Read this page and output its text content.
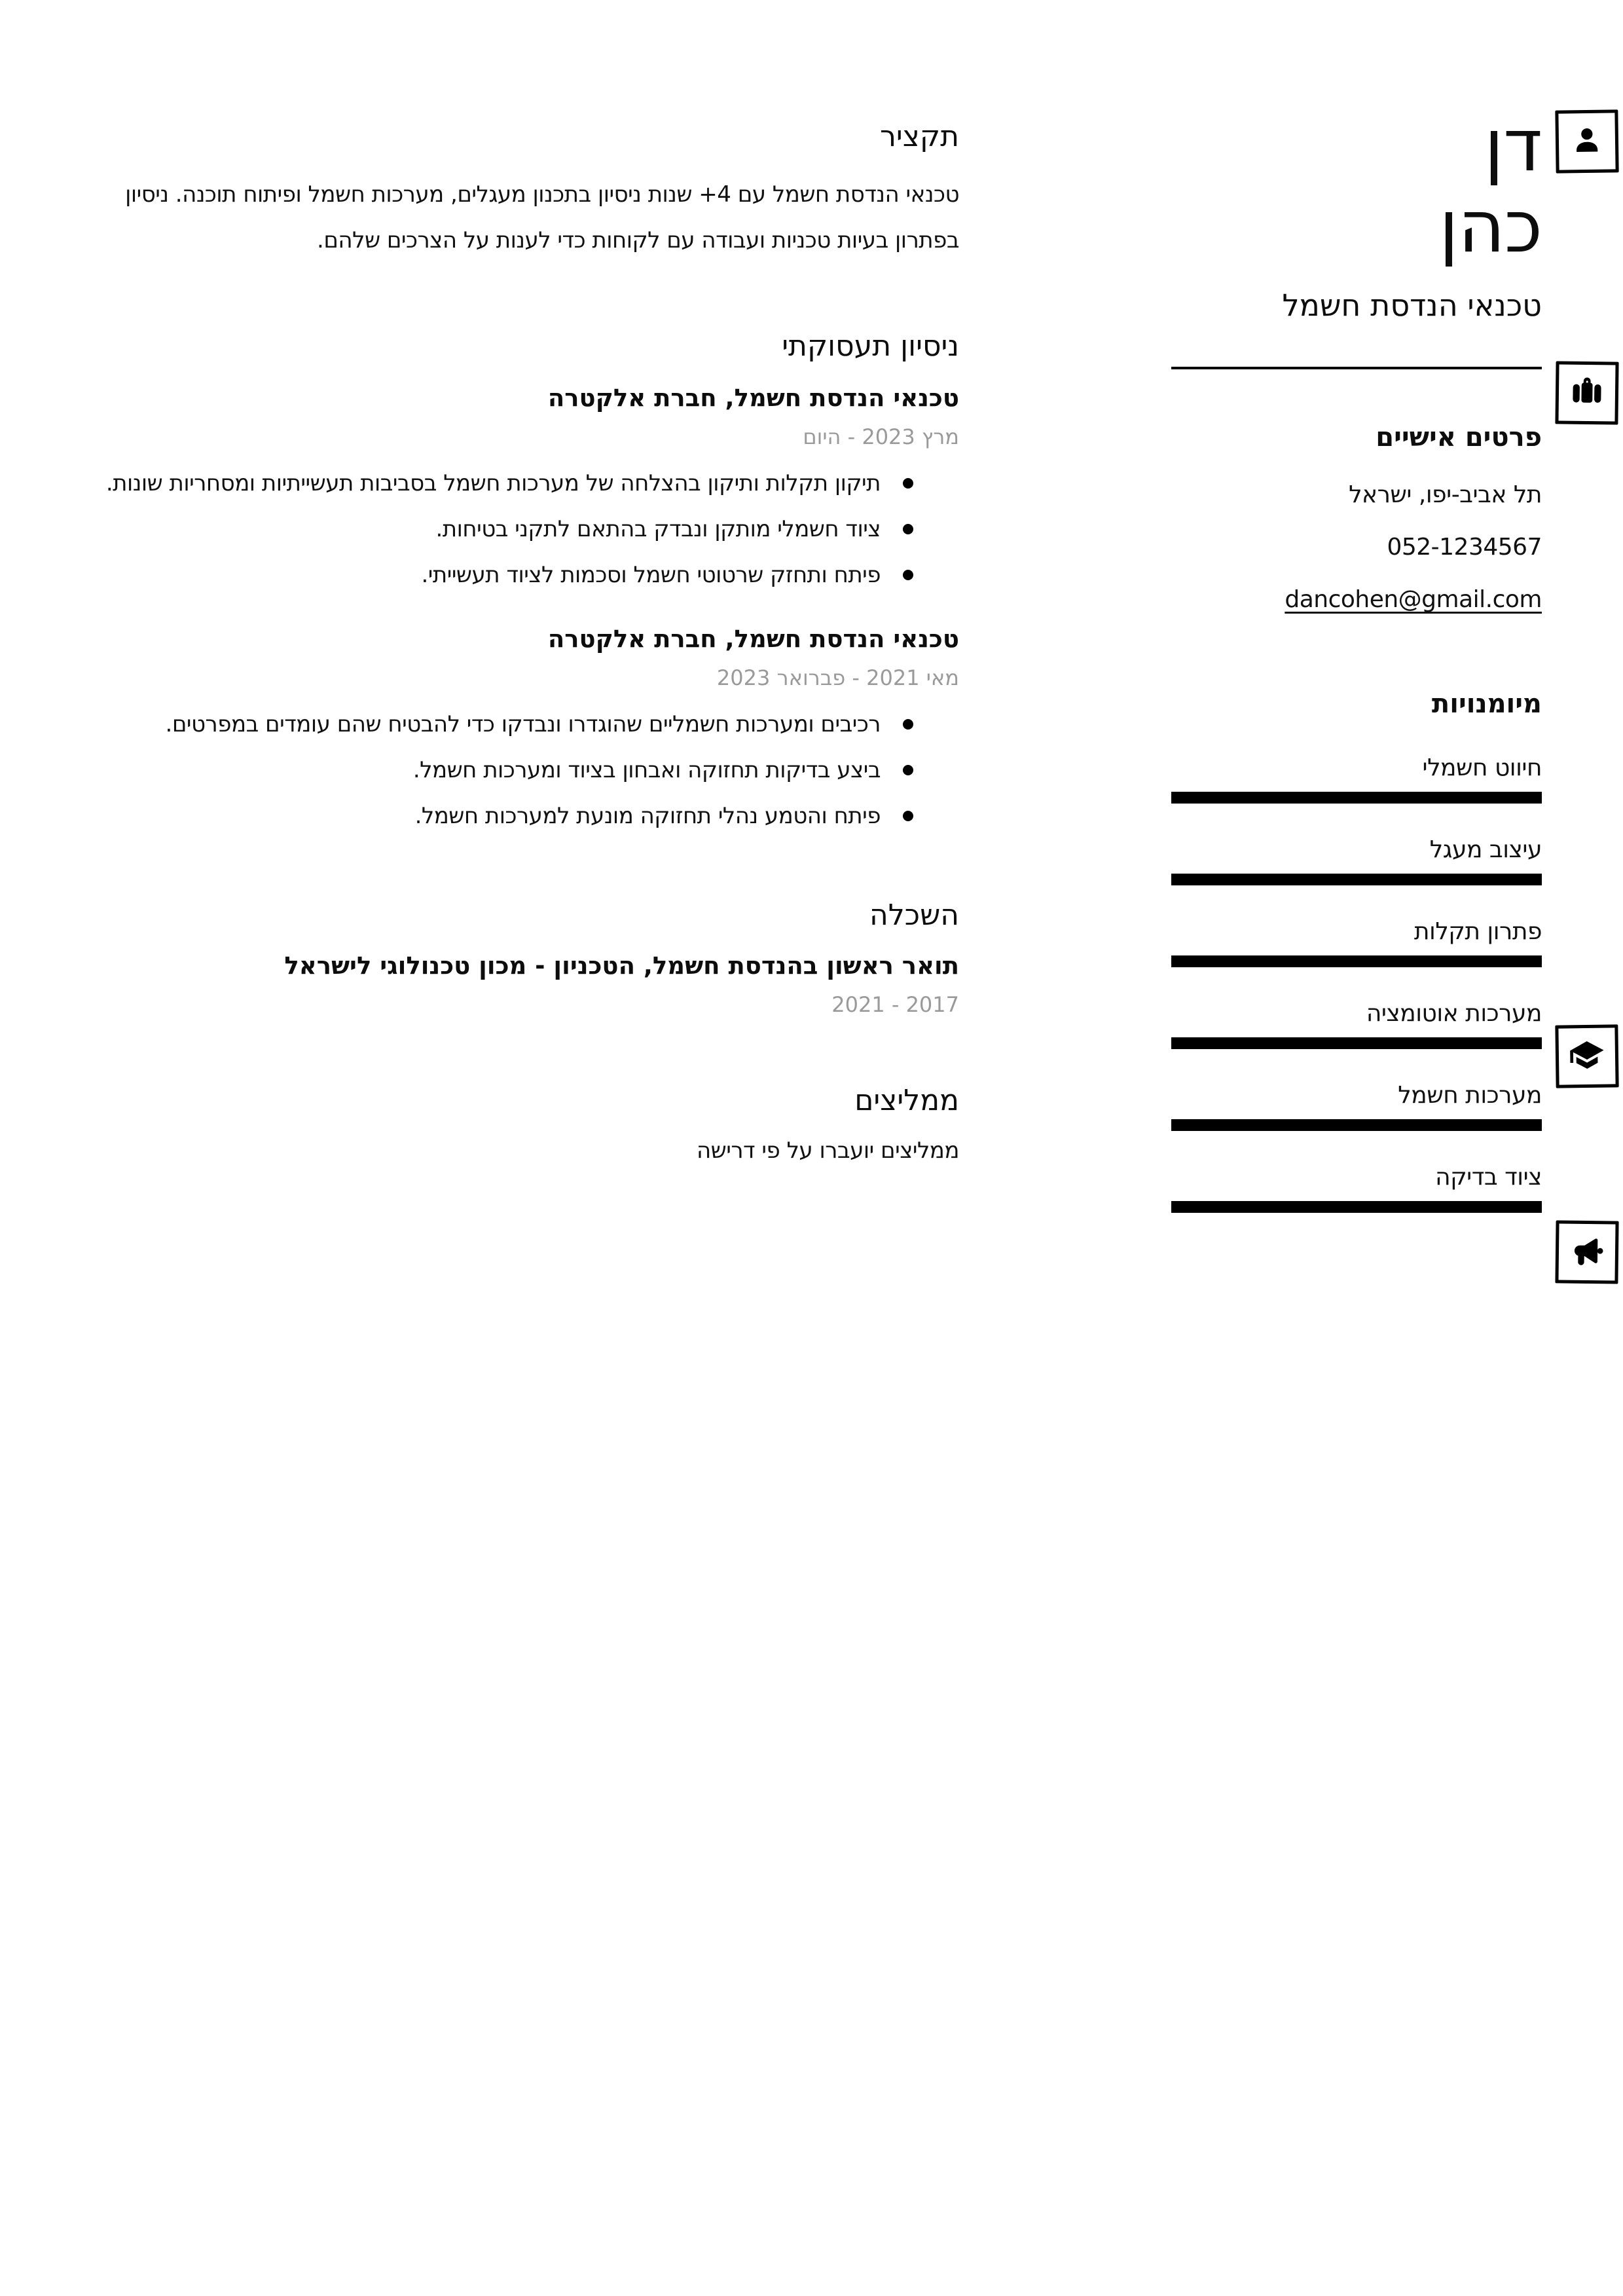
דן
כהן
טכנאי הנדסת חשמל
פרטים אישיים
תל אביב-יפו, ישראל
052-1234567
dancohen@gmail.com
מיומנויות
חיווט חשמלי
עיצוב מעגל
פתרון תקלות
מערכות אוטומציה
מערכות חשמל
ציוד בדיקה
תקציר

טכנאי הנדסת חשמל עם 4+ שנות ניסיון בתכנון מעגלים, מערכות חשמל ופיתוח תוכנה. ניסיון בפתרון בעיות טכניות ועבודה עם לקוחות כדי לענות על הצרכים שלהם.

ניסיון תעסוקתי
טכנאי הנדסת חשמל, חברת אלקטרה
מרץ 2023 - היום
תיקון תקלות ותיקון בהצלחה של מערכות חשמל בסביבות תעשייתיות ומסחריות שונות.
ציוד חשמלי מותקן ונבדק בהתאם לתקני בטיחות.
פיתח ותחזק שרטוטי חשמל וסכמות לציוד תעשייתי.
טכנאי הנדסת חשמל, חברת אלקטרה
מאי 2021 - פברואר 2023
רכיבים ומערכות חשמליים שהוגדרו ונבדקו כדי להבטיח שהם עומדים במפרטים.
ביצע בדיקות תחזוקה ואבחון בציוד ומערכות חשמל.
פיתח והטמע נהלי תחזוקה מונעת למערכות חשמל.
השכלה
תואר ראשון בהנדסת חשמל, הטכניון - מכון טכנולוגי לישראל
2017 - 2021
ממליצים

ממליצים יועברו על פי דרישה
